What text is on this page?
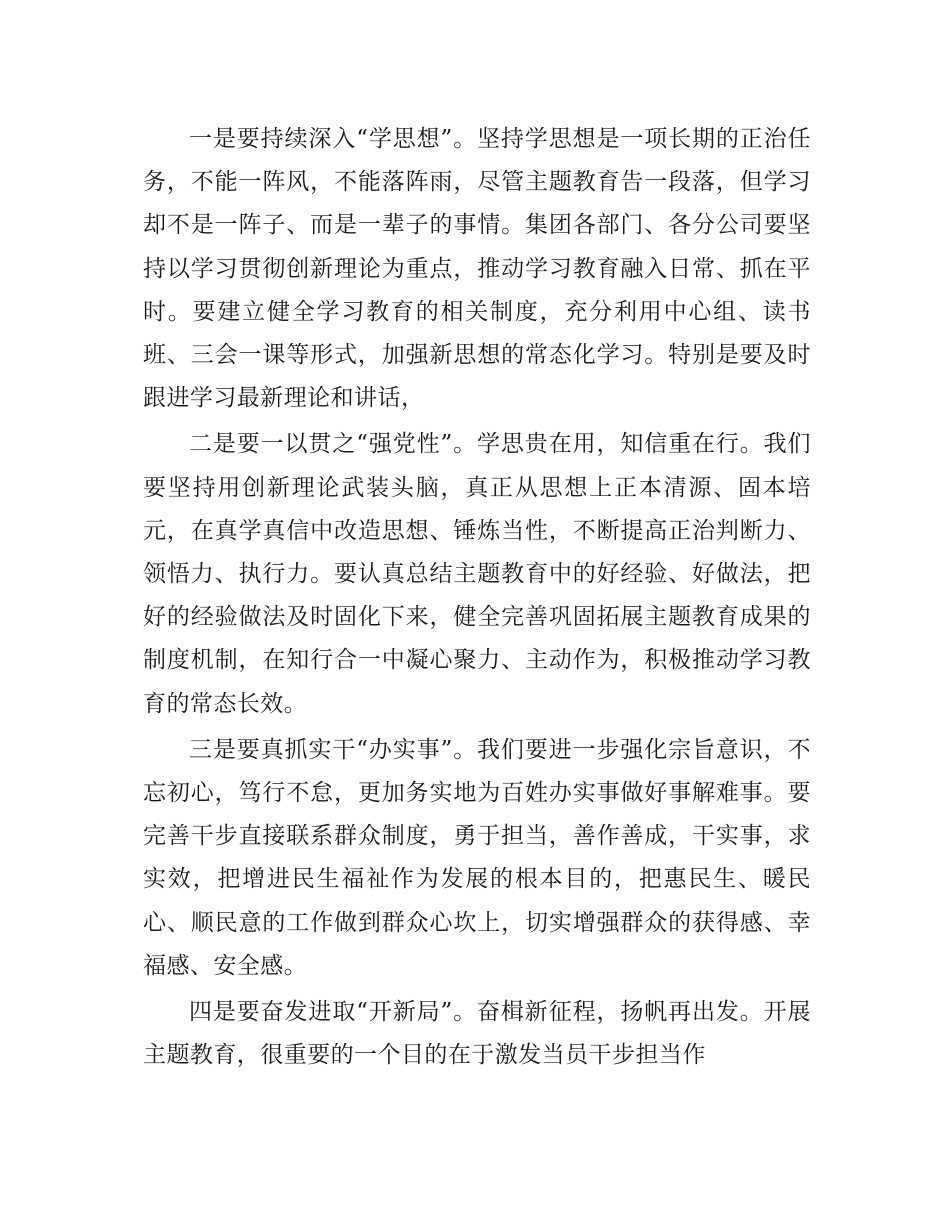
一是要持续深入“学思想”。坚持学思想是一项长期的正治任务，不能一阵风，不能落阵雨，尽管主题教育告一段落，但学习却不是一阵子、而是一辈子的事情。集团各部门、各分公司要坚持以学习贯彻创新理论为重点，推动学习教育融入日常、抓在平时。要建立健全学习教育的相关制度，充分利用中心组、读书班、三会一课等形式，加强新思想的常态化学习。特别是要及时跟进学习最新理论和讲话，

二是要一以贯之“强党性”。学思贵在用，知信重在行。我们要坚持用创新理论武装头脑，真正从思想上正本清源、固本培元，在真学真信中改造思想、锤炼当性，不断提高正治判断力、领悟力、执行力。要认真总结主题教育中的好经验、好做法，把好的经验做法及时固化下来，健全完善巩固拓展主题教育成果的制度机制，在知行合一中凝心聚力、主动作为，积极推动学习教育的常态长效。

三是要真抓实干“办实事”。我们要进一步强化宗旨意识，不忘初心，笃行不怠，更加务实地为百姓办实事做好事解难事。要完善干步直接联系群众制度，勇于担当，善作善成，干实事，求实效，把增进民生福祉作为发展的根本目的，把惠民生、暖民心、顺民意的工作做到群众心坎上，切实增强群众的获得感、幸福感、安全感。

四是要奋发进取“开新局”。奋楫新征程，扬帆再出发。开展主题教育，很重要的一个目的在于激发当员干步担当作
